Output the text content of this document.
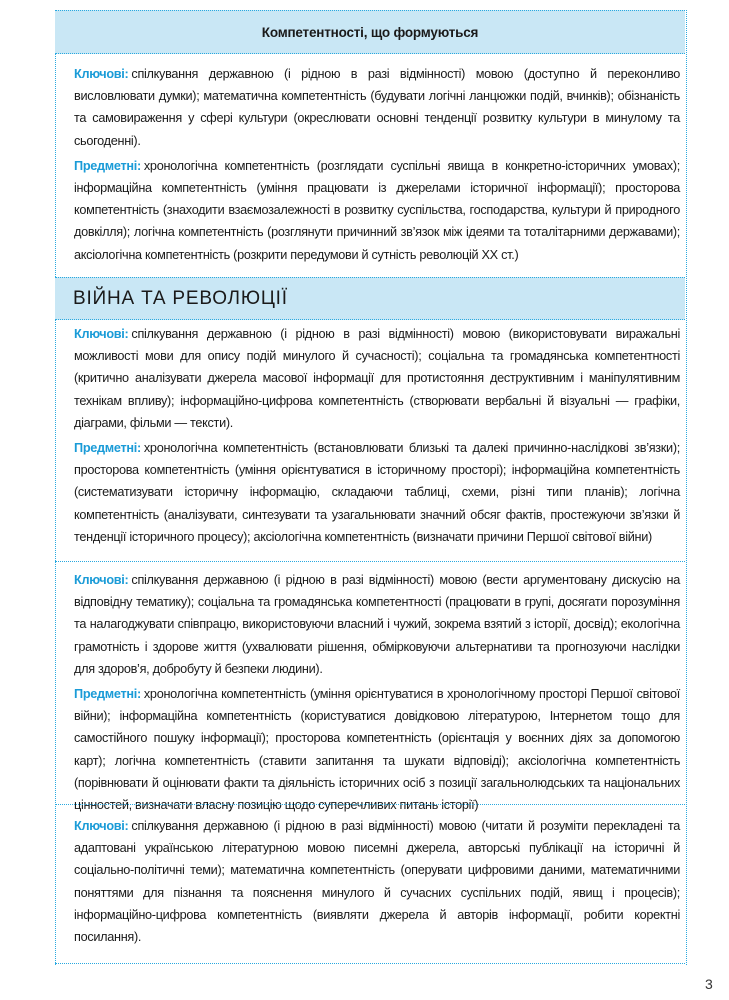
Компетентності, що формуються

Ключові: спілкування державною (і рідною в разі відмінності) мовою (доступно й переконливо висловлювати думки); математична компетентність (будувати логічні ланцюжки подій, вчинків); обізнаність та самовираження у сфері культури (окреслювати основні тенденції розвитку культури в минулому та сьогоденні).

Предметні: хронологічна компетентність (розглядати суспільні явища в конкретно-історичних умовах); інформаційна компетентність (уміння працювати із джерелами історичної інформації); просторова компетентність (знаходити взаємозалежності в розвитку суспільства, господарства, культури й природного довкілля); логічна компетентність (розглянути причинний зв’язок між ідеями та тоталітарними державами); аксіологічна компетентність (розкрити передумови й сутність революцій XX ст.)

ВІЙНА ТА РЕВОЛЮЦІЇ

Ключові: спілкування державною (і рідною в разі відмінності) мовою (використовувати виражальні можливості мови для опису подій минулого й сучасності); соціальна та громадянська компетентності (критично аналізувати джерела масової інформації для протистояння деструктивним і маніпулятивним технікам впливу); інформаційно-цифрова компетентність (створювати вербальні й візуальні — графіки, діаграми, фільми — тексти).

Предметні: хронологічна компетентність (встановлювати близькі та далекі причинно-наслідкові зв’язки); просторова компетентність (уміння орієнтуватися в історичному просторі); інформаційна компетентність (систематизувати історичну інформацію, складаючи таблиці, схеми, різні типи планів); логічна компетентність (аналізувати, синтезувати та узагальнювати значний обсяг фактів, простежуючи зв’язки й тенденції історичного процесу); аксіологічна компетентність (визначати причини Першої світової війни)

Ключові: спілкування державною (і рідною в разі відмінності) мовою (вести аргументовану дискусію на відповідну тематику); соціальна та громадянська компетентності (працювати в групі, досягати порозуміння та налагоджувати співпрацю, використовуючи власний і чужий, зокрема взятий з історії, досвід); екологічна грамотність і здорове життя (ухвалювати рішення, обмірковуючи альтернативи та прогнозуючи наслідки для здоров’я, добробуту й безпеки людини).

Предметні: хронологічна компетентність (уміння орієнтуватися в хронологічному просторі Першої світової війни); інформаційна компетентність (користуватися довідковою літературою, Інтернетом тощо для самостійного пошуку інформації); просторова компетентність (орієнтація у воєнних діях за допомогою карт); логічна компетентність (ставити запитання та шукати відповіді); аксіологічна компетентність (порівнювати й оцінювати факти та діяльність історичних осіб з позиції загальнолюдських та національних цінностей, визначати власну позицію щодо суперечливих питань історії)

Ключові: спілкування державною (і рідною в разі відмінності) мовою (читати й розуміти перекладені та адаптовані українською літературною мовою писемні джерела, авторські публікації на історичні й соціально-політичні теми); математична компетентність (оперувати цифровими даними, математичними поняттями для пізнання та пояснення минулого й сучасних суспільних подій, явищ і процесів); інформаційно-цифрова компетентність (виявляти джерела й авторів інформації, робити коректні посилання).

3
